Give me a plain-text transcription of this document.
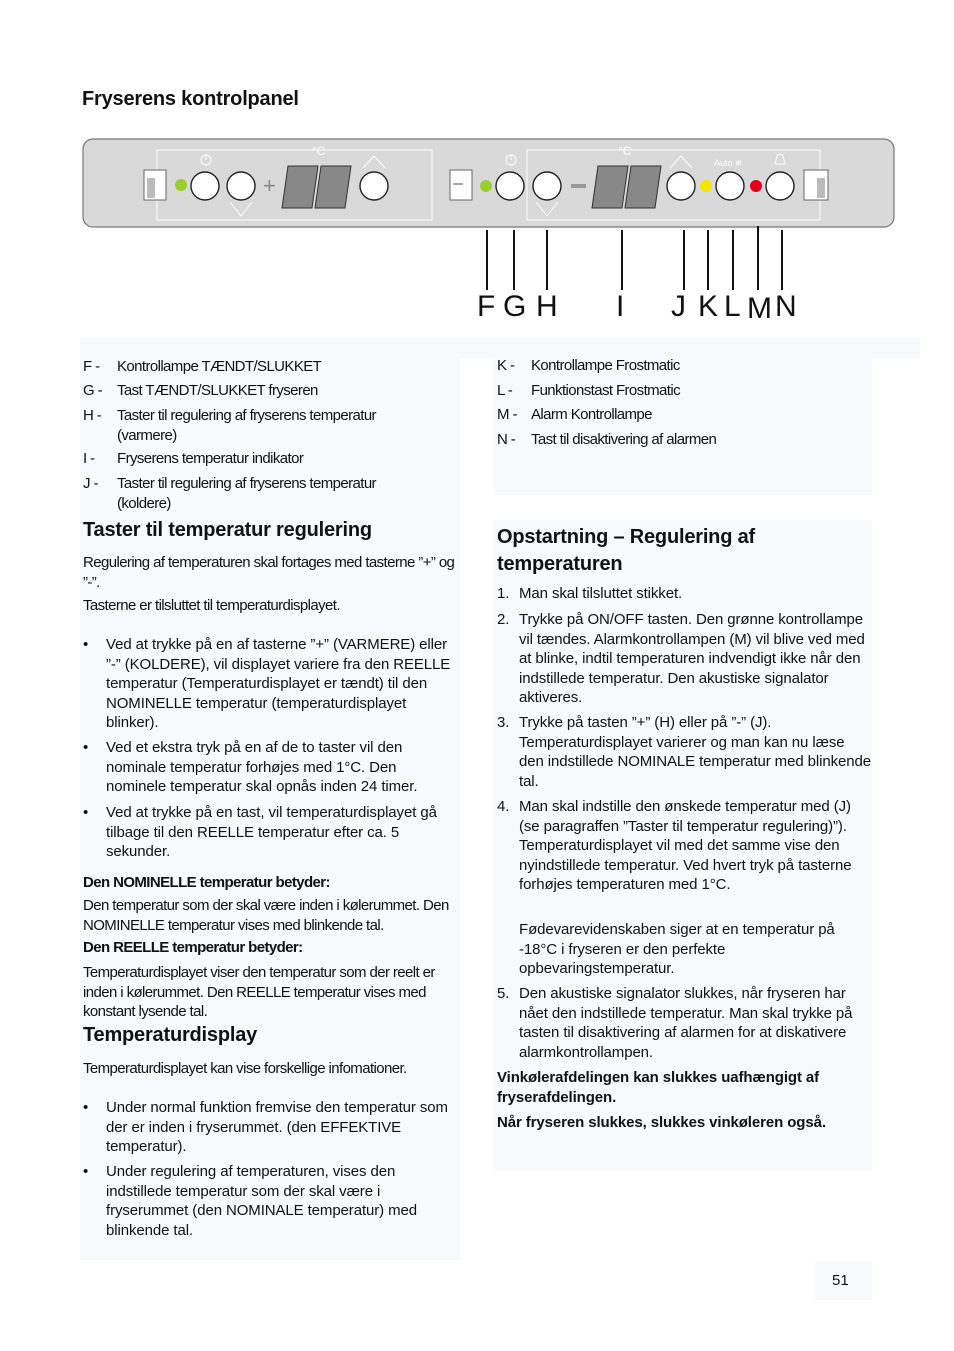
Fryserens kontrolpanel
+
°C	°C
Auto ❄
F G H I J K L M N
F - Kontrollampe TÆNDT/SLUKKET
G - Tast TÆNDT/SLUKKET fryseren
H - Taster til regulering af fryserens temperatur (varmere)
I - Fryserens temperatur indikator
J - Taster til regulering af fryserens temperatur (koldere)
K - Kontrollampe Frostmatic
L - Funktionstast Frostmatic
M - Alarm Kontrollampe
N - Tast til disaktivering af alarmen
Taster til temperatur regulering

Regulering af temperaturen skal fortages med tasterne ”+” og ”-”.

Tasterne er tilsluttet til temperaturdisplayet.

• Ved at trykke på en af tasterne ”+” (VARMERE) eller ”-” (KOLDERE), vil displayet variere fra den REELLE temperatur (Temperaturdisplayet er tændt) til den NOMINELLE temperatur (temperaturdisplayet blinker).
• Ved et ekstra tryk på en af de to taster vil den nominale temperatur forhøjes med 1°C. Den nominele temperatur skal opnås inden 24 timer.
• Ved at trykke på en tast, vil temperaturdisplayet gå tilbage til den REELLE temperatur efter ca. 5 sekunder.

Den NOMINELLE temperatur betyder:

Den temperatur som der skal være inden i kølerummet. Den NOMINELLE temperatur vises med blinkende tal.

Den REELLE temperatur betyder:

Temperaturdisplayet viser den temperatur som der reelt er inden i kølerummet. Den REELLE temperatur vises med konstant lysende tal.

Temperaturdisplay

Temperaturdisplayet kan vise forskellige infomationer.

• Under normal funktion fremvise den temperatur som der er inden i fryserummet. (den EFFEKTIVE temperatur).
• Under regulering af temperaturen, vises den indstillede temperatur som der skal være i fryserummet (den NOMINALE temperatur) med blinkende tal.
Opstartning – Regulering af temperaturen
1. Man skal tilsluttet stikket.
2. Trykke på ON/OFF tasten. Den grønne kontrollampe vil tændes. Alarmkontrollampen (M) vil blive ved med at blinke, indtil temperaturen indvendigt ikke når den indstillede temperatur. Den akustiske signalator aktiveres.
3. Trykke på tasten ”+” (H) eller på ”-” (J). Temperaturdisplayet varierer og man kan nu læse den indstillede NOMINALE temperatur med blinkende tal.
4. Man skal indstille den ønskede temperatur med (J) (se paragraffen ”Taster til temperatur regulering)”). Temperaturdisplayet vil med det samme vise den nyindstillede temperatur. Ved hvert tryk på tasterne forhøjes temperaturen med 1°C.
Fødevarevidenskaben siger at en temperatur på -18°C i fryseren er den perfekte opbevaringstemperatur.
5. Den akustiske signalator slukkes, når fryseren har nået den indstillede temperatur. Man skal trykke på tasten til disaktivering af alarmen for at diskativere alarmkontrollampen.

Vinkølerafdelingen kan slukkes uafhængigt af fryserafdelingen.

Når fryseren slukkes, slukkes vinkøleren også.

51
